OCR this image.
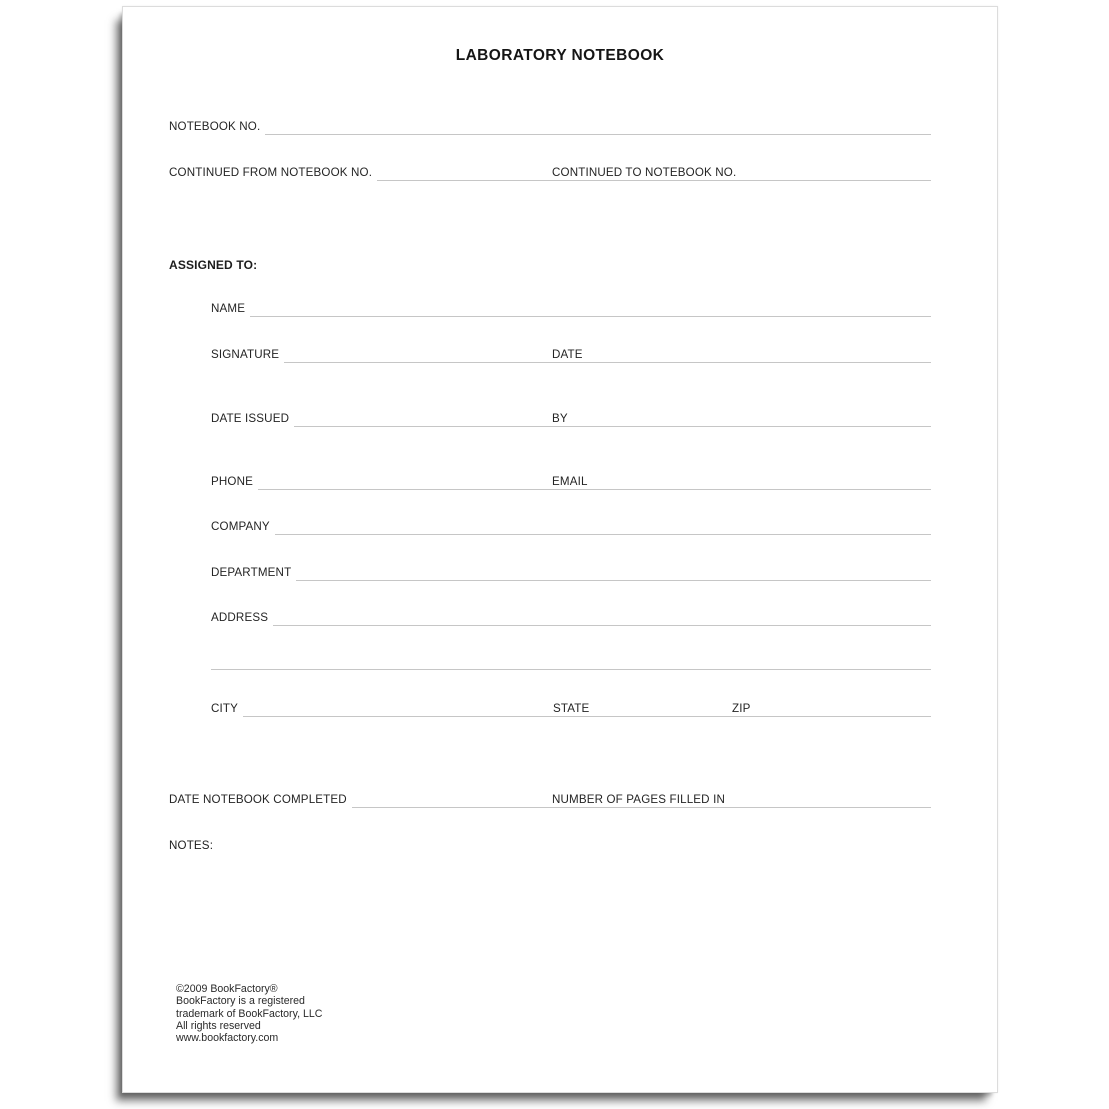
LABORATORY NOTEBOOK
NOTEBOOK NO.
CONTINUED FROM NOTEBOOK NO.	CONTINUED TO NOTEBOOK NO.
ASSIGNED TO:
NAME
SIGNATURE	DATE
DATE ISSUED	BY
PHONE	EMAIL
COMPANY
DEPARTMENT
ADDRESS
CITY	STATE	ZIP
DATE NOTEBOOK COMPLETED	NUMBER OF PAGES FILLED IN
NOTES:
©2009 BookFactory®
BookFactory is a registered
trademark of BookFactory, LLC
All rights reserved
www.bookfactory.com
